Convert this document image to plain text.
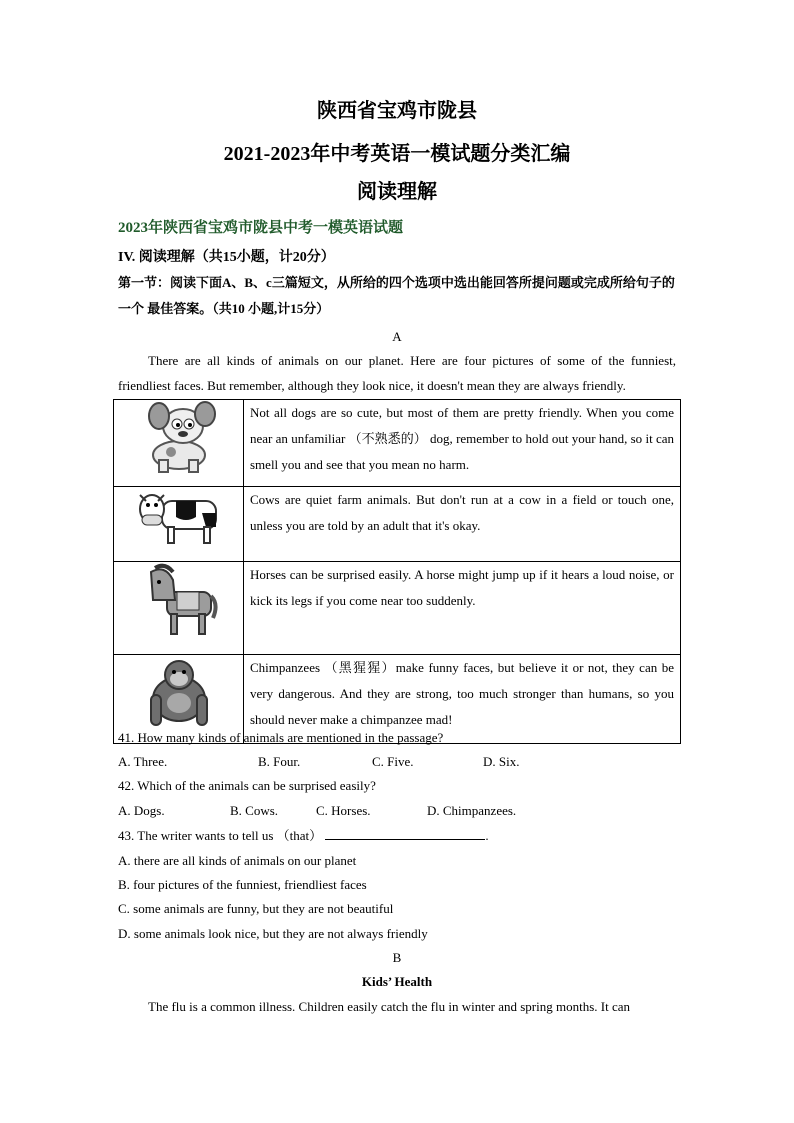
陕西省宝鸡市陇县
2021-2023年中考英语一模试题分类汇编
阅读理解
2023年陕西省宝鸡市陇县中考一模英语试题
IV. 阅读理解（共15小题，计20分）
第一节：阅读下面A、B、c三篇短文，从所给的四个选项中选出能回答所提问题或完成所给句子的一个 最佳答案。（共10 小题,计15分）
A
There are all kinds of animals on our planet. Here are four pictures of some of the funniest, friendliest faces. But remember, although they look nice, it doesn't mean they are always friendly.
	Not all dogs are so cute, but most of them are pretty friendly. When you come near an unfamiliar （不熟悉的） dog, remember to hold out your hand, so it can smell you and see that you mean no harm.
	Cows are quiet farm animals. But don't run at a cow in a field or touch one, unless you are told by an adult that it's okay.
	Horses can be surprised easily. A horse might jump up if it hears a loud noise, or kick its legs if you come near too suddenly.
	Chimpanzees （黑猩猩）make funny faces, but believe it or not, they can be very dangerous. And they are strong, too much stronger than humans, so you should never make a chimpanzee mad!
41. How many kinds of animals are mentioned in the passage?
A. Three.	B. Four.	C. Five.	D. Six.
42. Which of the animals can be surprised easily?
A. Dogs.	B. Cows.	C. Horses.	D. Chimpanzees.
43. The writer wants to tell us （that）	.
A. there are all kinds of animals on our planet
B. four pictures of the funniest, friendliest faces
C. some animals are funny, but they are not beautiful
D. some animals look nice, but they are not always friendly
B
Kids’ Health
The flu is a common illness. Children easily catch the flu in winter and spring months. It can
